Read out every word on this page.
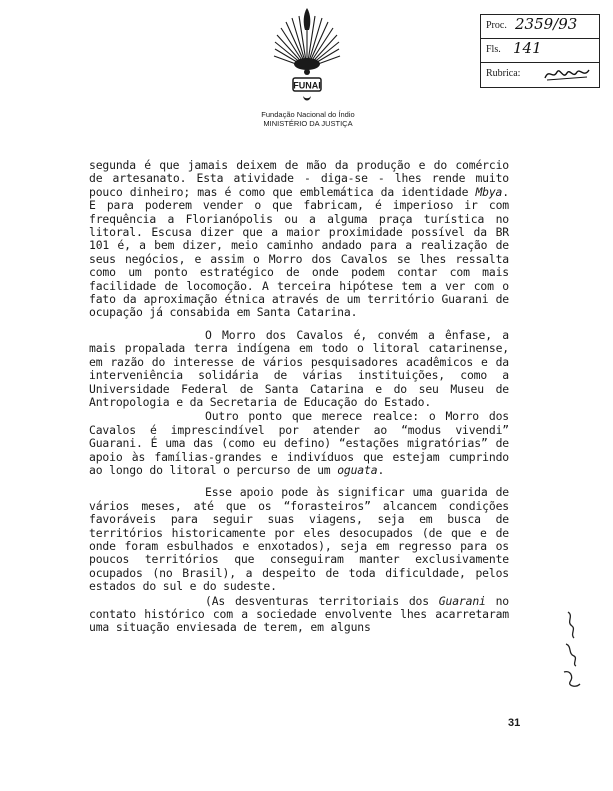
FUNAI
Fundação Nacional do Índio
MINISTÉRIO DA JUSTIÇA
Proc. 2359/93
Fls. 141
Rubrica:

segunda é que jamais deixem de mão da produção e do comércio de artesanato. Esta atividade - diga-se - lhes rende muito pouco dinheiro; mas é como que emblemática da identidade Mbya. E para poderem vender o que fabricam, é imperioso ir com frequência a Florianópolis ou a alguma praça turística no litoral. Escusa dizer que a maior proximidade possível da BR 101 é, a bem dizer, meio caminho andado para a realização de seus negócios, e assim o Morro dos Cavalos se lhes ressalta como um ponto estratégico de onde podem contar com mais facilidade de locomoção. A terceira hipótese tem a ver com o fato da aproximação étnica através de um território Guarani de ocupação já consabida em Santa Catarina.

O Morro dos Cavalos é, convém a ênfase, a mais propalada terra indígena em todo o litoral catarinense, em razão do interesse de vários pesquisadores acadêmicos e da interveniência solidária de várias instituições, como a Universidade Federal de Santa Catarina e do seu Museu de Antropologia e da Secretaria de Educação do Estado.

Outro ponto que merece realce: o Morro dos Cavalos é imprescindível por atender ao “modus vivendi” Guarani. É uma das (como eu defino) “estações migratórias” de apoio às famílias-grandes e indivíduos que estejam cumprindo ao longo do litoral o percurso de um oguata.

Esse apoio pode às significar uma guarida de vários meses, até que os “forasteiros” alcancem condições favoráveis para seguir suas viagens, seja em busca de territórios historicamente por eles desocupados (de que e de onde foram esbulhados e enxotados), seja em regresso para os poucos territórios que conseguiram manter exclusivamente ocupados (no Brasil), a despeito de toda dificuldade, pelos estados do sul e do sudeste.

(As desventuras territoriais dos Guarani no contato histórico com a sociedade envolvente lhes acarretaram uma situação enviesada de terem, em alguns

31
